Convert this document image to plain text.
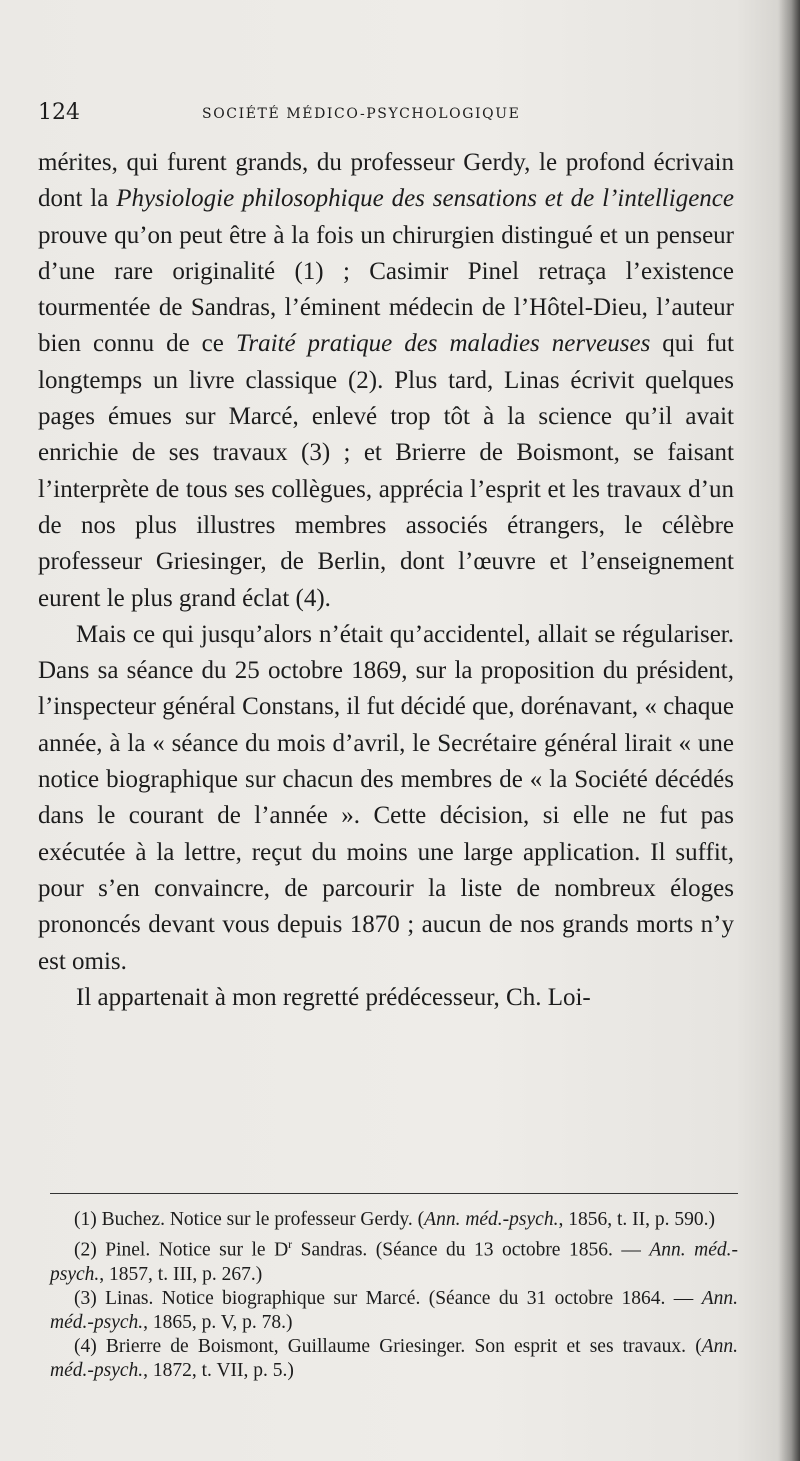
124	SOCIÉTÉ MÉDICO-PSYCHOLOGIQUE

mérites, qui furent grands, du professeur Gerdy, le profond écrivain dont la Physiologie philosophique des sensations et de l’intelligence prouve qu’on peut être à la fois un chirurgien distingué et un penseur d’une rare originalité (1) ; Casimir Pinel retraça l’existence tourmentée de Sandras, l’éminent médecin de l’Hôtel-Dieu, l’auteur bien connu de ce Traité pratique des maladies nerveuses qui fut longtemps un livre classique (2). Plus tard, Linas écrivit quelques pages émues sur Marcé, enlevé trop tôt à la science qu’il avait enrichie de ses travaux (3) ; et Brierre de Boismont, se faisant l’interprète de tous ses collègues, apprécia l’esprit et les travaux d’un de nos plus illustres membres associés étrangers, le célèbre professeur Griesinger, de Berlin, dont l’œuvre et l’enseignement eurent le plus grand éclat (4).

Mais ce qui jusqu’alors n’était qu’accidentel, allait se régulariser. Dans sa séance du 25 octobre 1869, sur la proposition du président, l’inspecteur général Constans, il fut décidé que, dorénavant, « chaque année, à la « séance du mois d’avril, le Secrétaire général lirait « une notice biographique sur chacun des membres de « la Société décédés dans le courant de l’année ». Cette décision, si elle ne fut pas exécutée à la lettre, reçut du moins une large application. Il suffit, pour s’en convaincre, de parcourir la liste de nombreux éloges prononcés devant vous depuis 1870 ; aucun de nos grands morts n’y est omis.

Il appartenait à mon regretté prédécesseur, Ch. Loi-

(1) Buchez. Notice sur le professeur Gerdy. (Ann. méd.-psych., 1856, t. II, p. 590.)

(2) Pinel. Notice sur le $D^r$ Sandras. (Séance du 13 octobre 1856. — Ann. méd.-psych., 1857, t. III, p. 267.)

(3) Linas. Notice biographique sur Marcé. (Séance du 31 octobre 1864. — Ann. méd.-psych., 1865, p. V, p. 78.)

(4) Brierre de Boismont, Guillaume Griesinger. Son esprit et ses travaux. (Ann. méd.-psych., 1872, t. VII, p. 5.)
